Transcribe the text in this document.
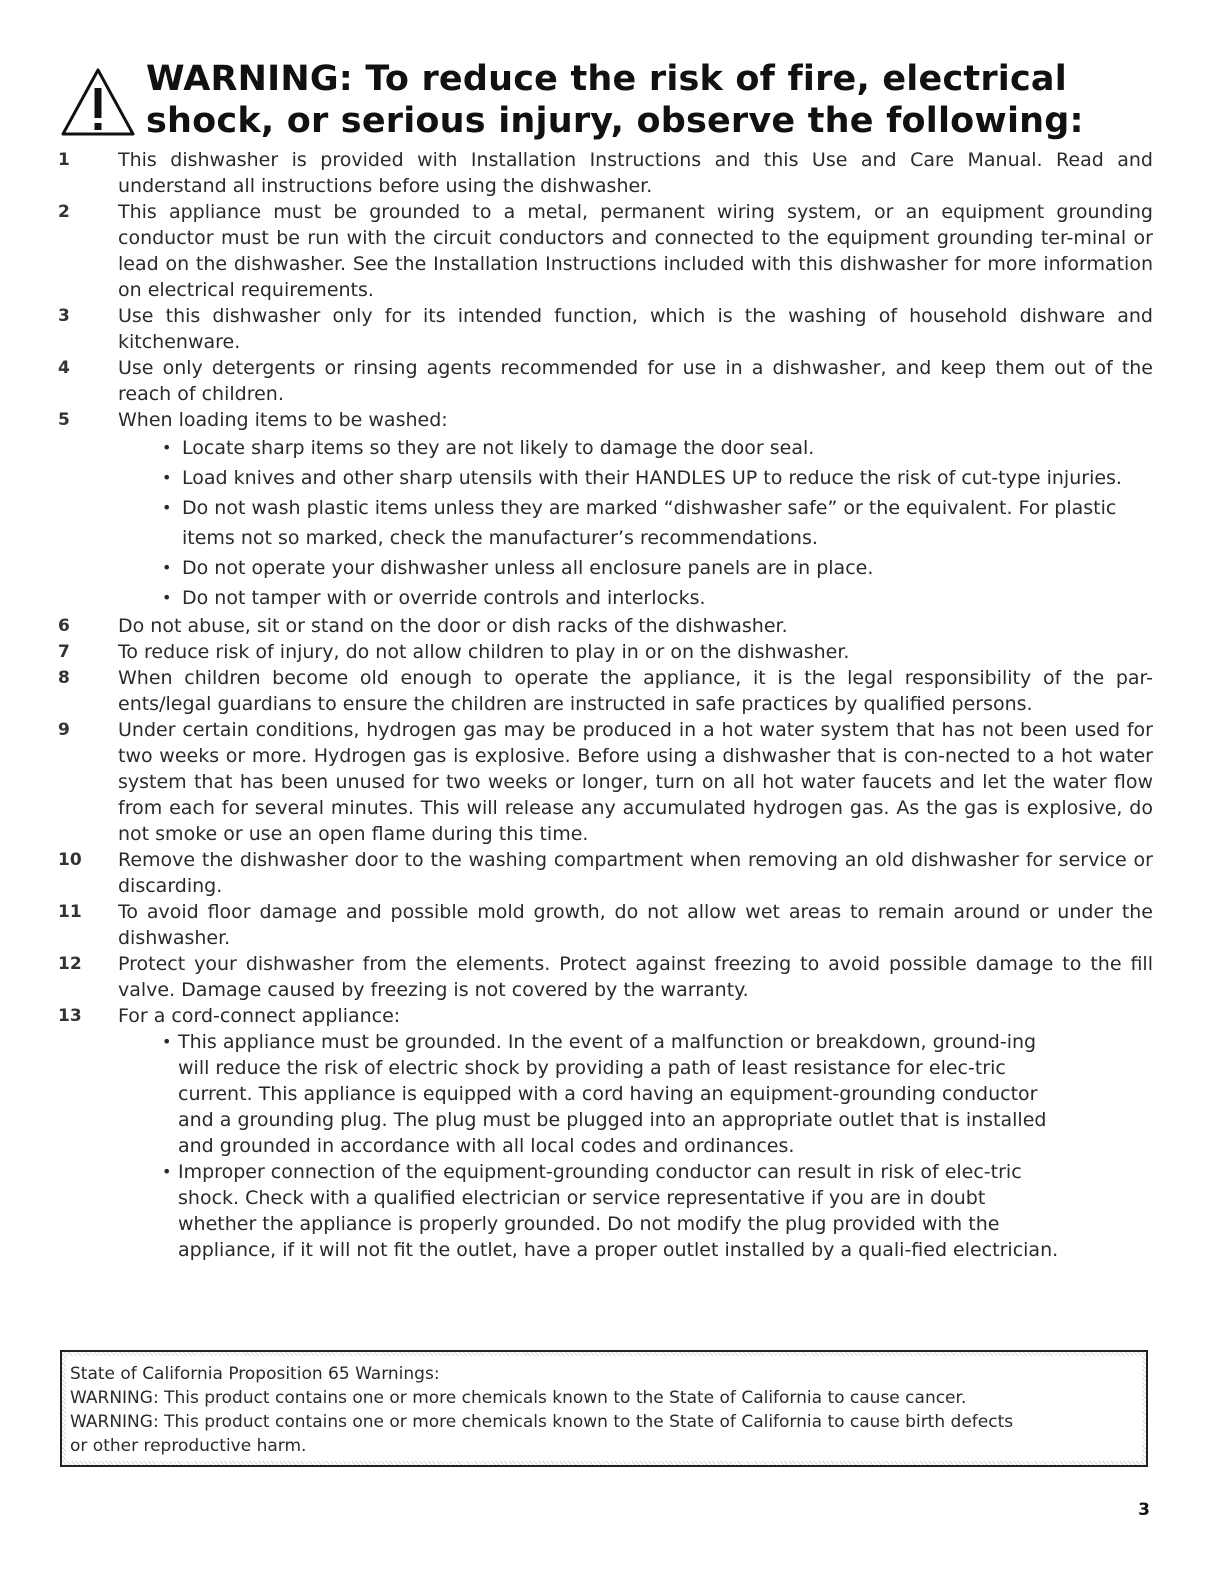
WARNING: To reduce the risk of fire, electrical
shock, or serious injury, observe the following:
1	This dishwasher is provided with Installation Instructions and this Use and Care Manual. Read and understand all instructions before using the dishwasher.
2	This appliance must be grounded to a metal, permanent wiring system, or an equipment grounding conductor must be run with the circuit conductors and connected to the equipment grounding ter-minal or lead on the dishwasher. See the Installation Instructions included with this dishwasher for more information on electrical requirements.
3	Use this dishwasher only for its intended function, which is the washing of household dishware and kitchenware.
4	Use only detergents or rinsing agents recommended for use in a dishwasher, and keep them out of the reach of children.
5	When loading items to be washed:
• Locate sharp items so they are not likely to damage the door seal.
• Load knives and other sharp utensils with their HANDLES UP to reduce the risk of cut-type injuries.
• Do not wash plastic items unless they are marked “dishwasher safe” or the equivalent. For plastic items not so marked, check the manufacturer’s recommendations.
• Do not operate your dishwasher unless all enclosure panels are in place.
• Do not tamper with or override controls and interlocks.
6	Do not abuse, sit or stand on the door or dish racks of the dishwasher.
7	To reduce risk of injury, do not allow children to play in or on the dishwasher.
8	When children become old enough to operate the appliance, it is the legal responsibility of the par-ents/legal guardians to ensure the children are instructed in safe practices by qualified persons.
9	Under certain conditions, hydrogen gas may be produced in a hot water system that has not been used for two weeks or more. Hydrogen gas is explosive. Before using a dishwasher that is con-nected to a hot water system that has been unused for two weeks or longer, turn on all hot water faucets and let the water flow from each for several minutes. This will release any accumulated hydrogen gas. As the gas is explosive, do not smoke or use an open flame during this time.
10	Remove the dishwasher door to the washing compartment when removing an old dishwasher for service or discarding.
11	To avoid floor damage and possible mold growth, do not allow wet areas to remain around or under the dishwasher.
12	Protect your dishwasher from the elements. Protect against freezing to avoid possible damage to the fill valve. Damage caused by freezing is not covered by the warranty.
13	For a cord-connect appliance:
• This appliance must be grounded. In the event of a malfunction or breakdown, ground-ing will reduce the risk of electric shock by providing a path of least resistance for elec-tric current. This appliance is equipped with a cord having an equipment-grounding conductor and a grounding plug. The plug must be plugged into an appropriate outlet that is installed and grounded in accordance with all local codes and ordinances.
• Improper connection of the equipment-grounding conductor can result in risk of elec-tric shock. Check with a qualified electrician or service representative if you are in doubt whether the appliance is properly grounded. Do not modify the plug provided with the appliance, if it will not fit the outlet, have a proper outlet installed by a quali-fied electrician.
State of California Proposition 65 Warnings:
WARNING: This product contains one or more chemicals known to the State of California to cause cancer.
WARNING: This product contains one or more chemicals known to the State of California to cause birth defects
or other reproductive harm.
3
